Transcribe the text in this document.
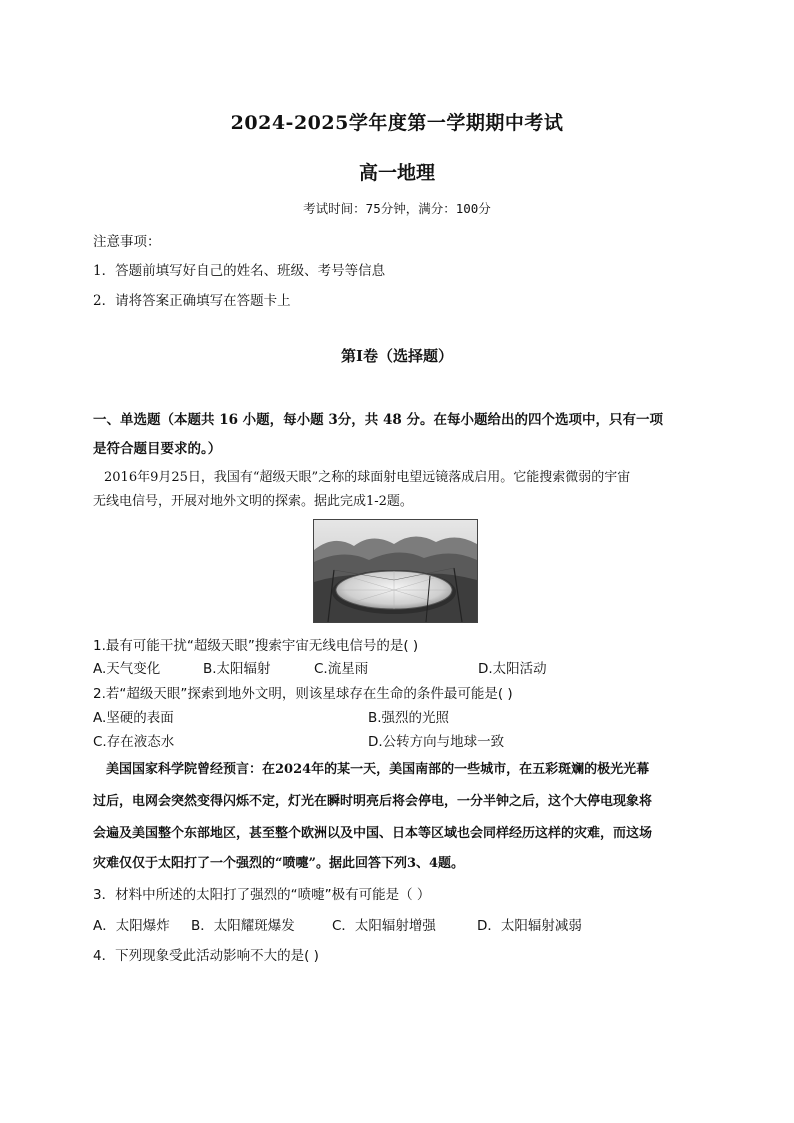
2024-2025学年度第一学期期中考试
高一地理
考试时间：75分钟，满分：100分
注意事项：
1．答题前填写好自己的姓名、班级、考号等信息
2．请将答案正确填写在答题卡上
第I卷（选择题）
一、单选题（本题共 16 小题，每小题 3分，共 48 分。在每小题给出的四个选项中，只有一项
是符合题目要求的。）
2016年9月25日，我国有“超级天眼”之称的球面射电望远镜落成启用。它能搜索微弱的宇宙
无线电信号，开展对地外文明的探索。据此完成1-2题。
1.最有可能干扰“超级天眼”搜索宇宙无线电信号的是( )
A.天气变化	B.太阳辐射	C.流星雨	D.太阳活动
2.若“超级天眼”探索到地外文明，则该星球存在生命的条件最可能是( )
A.坚硬的表面	B.强烈的光照
C.存在液态水	D.公转方向与地球一致
美国国家科学院曾经预言：在2024年的某一天，美国南部的一些城市，在五彩斑斓的极光光幕
过后，电网会突然变得闪烁不定，灯光在瞬时明亮后将会停电，一分半钟之后，这个大停电现象将
会遍及美国整个东部地区，甚至整个欧洲以及中国、日本等区域也会同样经历这样的灾难，而这场
灾难仅仅于太阳打了一个强烈的“喷嚏”。据此回答下列3、4题。
3．材料中所述的太阳打了强烈的“喷嚏”极有可能是（ ）
A．太阳爆炸 B．太阳耀斑爆发	C．太阳辐射增强	D．太阳辐射减弱
4．下列现象受此活动影响不大的是( )
